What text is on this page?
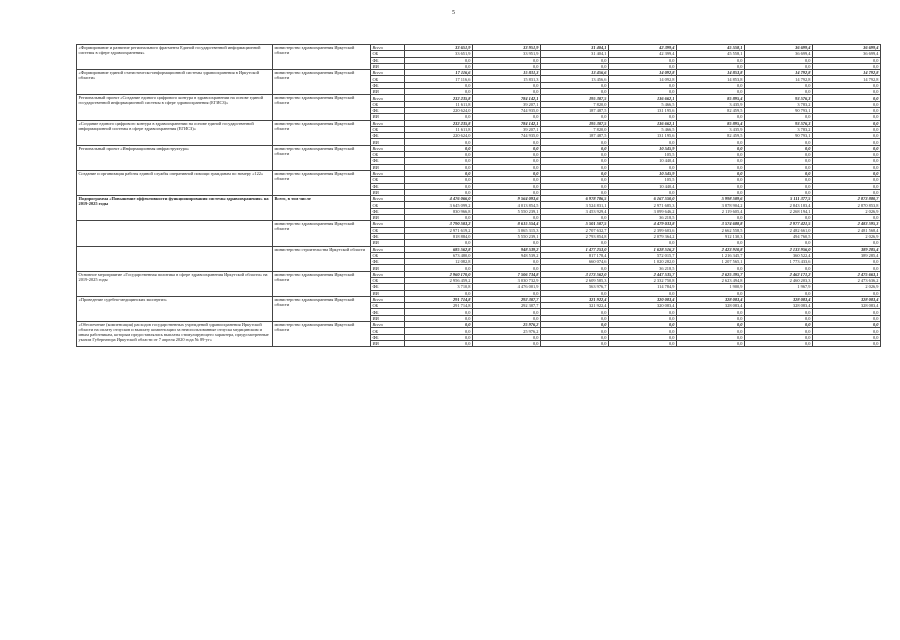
5
«Формирование и развитие регионального фрагмента Единой государственной информационной системы в сфере здравоохранения»	министерство здравоохранения Иркутской области	Всего	33 651,9	33 951,9	31 404,1	42 399,4	45 558,1	36 699,4	36 699,4
		ОБ	33 651,9	33 951,9	31 404,1	42 399,4	45 558,1	36 699,4	36 699,4
		ФБ	0,0	0,0	0,0	0,0	0,0	0,0	0,0
		ИИ	0,0	0,0	0,0	0,0	0,0	0,0	0,0
«Формирование единой статистическо-информационной системы здравоохранения в Иркутской области»	министерство здравоохранения Иркутской области	Всего	17 116,6	15 831,3	13 456,6	14 092,8	14 853,8	14 792,8	14 792,8
		ОБ	17 116,6	15 831,3	13 456,6	14 092,8	14 853,8	14 792,8	14 792,8
		ФБ	0,0	0,0	0,0	0,0	0,0	0,0	0,0
		ИИ	0,0	0,0	0,0	0,0	0,0	0,0	0,0
Региональный проект «Создание единого цифрового контура в здравоохранении на основе единой государственной информационной системы в сфере здравоохранения (ЕГИСЗ)»	министерство здравоохранения Иркутской области	Всего	232 235,8	784 142,1	195 307,5	136 662,1	85 895,4	93 576,3	0,0
		ОБ	11 611,8	39 207,1	7 820,0	5 466,5	3 435,9	3 783,2	0,0
		ФБ	220 624,0	744 935,0	187 487,5	131 195,6	82 459,5	90 793,1	0,0
		ИИ	0,0	0,0	0,0	0,0	0,0	0,0	0,0
«Создание единого цифрового контура в здравоохранении на основе единой государственной информационной системы в сфере здравоохранения (ЕГИСЗ)»	министерство здравоохранения Иркутской области	Всего	232 235,8	784 142,1	195 307,5	136 662,1	85 895,4	93 576,3	0,0
		ОБ	11 611,8	39 207,1	7 820,0	5 466,5	3 435,9	3 783,2	0,0
		ФБ	220 624,0	744 935,0	187 487,5	131 195,6	82 459,5	90 793,1	0,0
		ИИ	0,0	0,0	0,0	0,0	0,0	0,0	0,0
Региональный проект «Информационная инфраструктура»	министерство здравоохранения Иркутской области	Всего	0,0	0,0	0,0	10 545,9	0,0	0,0	0,0
		ОБ	0,0	0,0	0,0	105,5	0,0	0,0	0,0
		ФБ	0,0	0,0	0,0	10 440,4	0,0	0,0	0,0
		ИИ	0,0	0,0	0,0	0,0	0,0	0,0	0,0
Создание и организация работы единой службы оперативной помощи гражданам по номеру «122»	министерство здравоохранения Иркутской области	Всего	0,0	0,0	0,0	10 545,9	0,0	0,0	0,0
		ОБ	0,0	0,0	0,0	105,5	0,0	0,0	0,0
		ФБ	0,0	0,0	0,0	10 440,4	0,0	0,0	0,0
		ИИ	0,0	0,0	0,0	0,0	0,0	0,0	0,0
Подпрограмма «Повышение эффективности функционирования системы здравоохранения» на 2019-2025 годы	Всего, в том числе	Всего	4 476 066,0	9 564 093,6	6 978 786,5	6 167 550,0	5 998 509,6	5 111 377,5	2 873 880,7
		ОБ	3 645 099,2	4 013 854,5	3 524 831,1	2 971 685,3	3 878 904,2	2 843 183,4	2 870 853,8
		ФБ	830 966,8	5 550 239,1	3 453 929,4	3 099 646,2	2 119 605,4	2 268 194,1	2 026,9
		ИИ	0,0	0,0	0,0	36 218,5	0,0	0,0	0,0
	министерство здравоохранения Иркутской области	Всего	3 790 503,2	8 615 554,4	5 501 507,5	4 479 033,8	3 574 688,8	2 977 421,5	2 483 595,3
		ОБ	2 971 619,2	3 065 315,3	2 707 632,7	2 399 603,6	2 662 558,5	2 482 661,0	2 481 568,4
		ФБ	818 884,0	5 550 239,1	2 793 854,8	2 079 364,2	912 130,3	494 760,5	2 026,9
		ИИ	0,0	0,0	0,0	0,0	0,0	0,0	0,0
	министерство строительства Иркутской области	Всего	685 562,8	948 539,2	1 477 253,0	1 628 516,2	2 423 910,8	2 133 956,0	389 285,4
		ОБ	673 480,0	948 539,2	817 178,4	572 015,7	1 216 345,7	360 522,4	389 285,4
		ФБ	12 082,8	0,0	660 074,6	1 020 282,0	1 207 565,1	1 773 433,6	0,0
		ИИ	0,0	0,0	0,0	36 218,5	0,0	0,0	0,0
Основное мероприятие «Государственная политика в сфере здравоохранения Иркутской области» на 2019-2025 годы	министерство здравоохранения Иркутской области	Всего	2 960 170,0	7 506 734,8	3 173 562,0	2 447 535,7	2 625 395,7	2 462 171,2	2 475 663,1
		ОБ	2 956 459,2	3 030 732,9	2 609 585,3	2 332 750,8	2 623 494,8	2 460 203,3	2 473 636,2
		ФБ	3 710,8	4 476 001,9	563 976,7	114 784,9	1 900,9	1 967,9	2 026,9
		ИИ	0,0	0,0	0,0	0,0	0,0	0,0	0,0
«Проведение судебно-медицинских экспертиз»	министерство здравоохранения Иркутской области	Всего	291 714,8	292 307,7	321 922,4	320 083,4	328 083,4	328 083,4	328 083,4
		ОБ	291 714,8	292 307,7	321 922,4	320 083,4	328 083,4	328 083,4	328 083,4
		ФБ	0,0	0,0	0,0	0,0	0,0	0,0	0,0
		ИИ	0,0	0,0	0,0	0,0	0,0	0,0	0,0
«Обеспечение (компенсация) расходов государственных учреждений здравоохранения Иркутской области на оплату отпусков и выплату компенсации за неиспользованные отпуска медицинским и иным работникам, которым предоставлялись выплаты стимулирующего характера, предусмотренные указом Губернатора Иркутской области от 7 апреля 2020 года № 89-уг»	министерство здравоохранения Иркутской области	Всего	0,0	25 976,2	0,0	0,0	0,0	0,0	0,0
		ОБ	0,0	25 976,2	0,0	0,0	0,0	0,0	0,0
		ФБ	0,0	0,0	0,0	0,0	0,0	0,0	0,0
		ИИ	0,0	0,0	0,0	0,0	0,0	0,0	0,0
